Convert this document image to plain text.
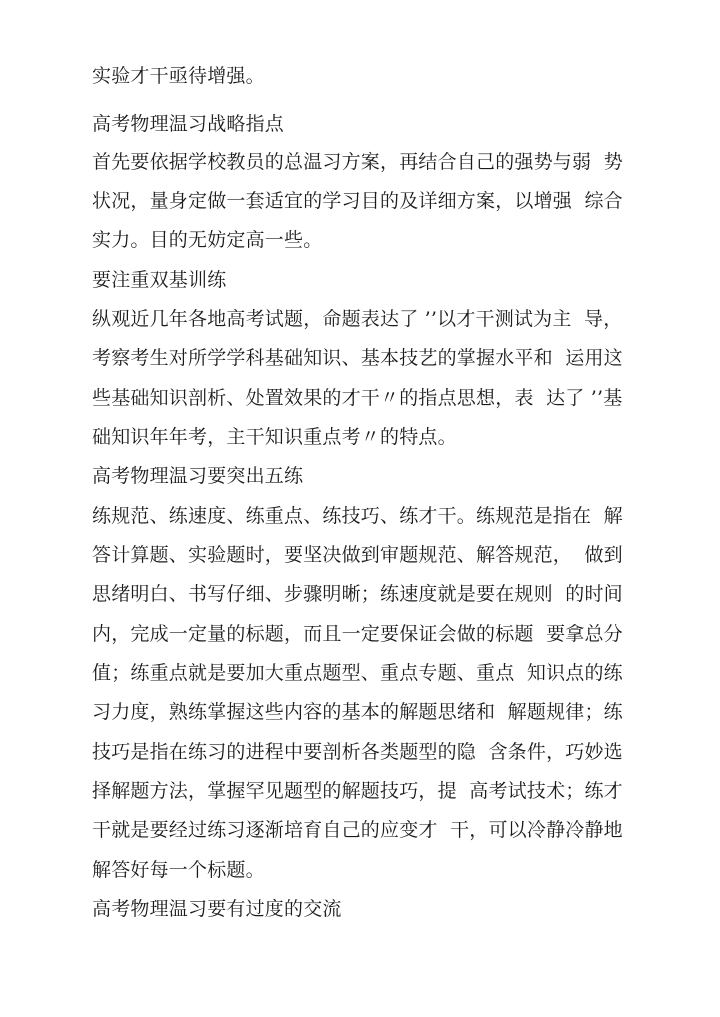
实验才干亟待增强。
高考物理温习战略指点
首先要依据学校教员的总温习方案，再结合自己的强势与弱  势
状况，量身定做一套适宜的学习目的及详细方案，以增强  综合
实力。目的无妨定高一些。
要注重双基训练
纵观近几年各地高考试题，命题表达了 ’’以才干测试为主  导，
考察考生对所学学科基础知识、基本技艺的掌握水平和  运用这
些基础知识剖析、处置效果的才干〃的指点思想，表  达了 ’’基
础知识年年考，主干知识重点考〃的特点。
高考物理温习要突出五练
练规范、练速度、练重点、练技巧、练才干。练规范是指在  解
答计算题、实验题时，要坚决做到审题规范、解答规范，  做到
思绪明白、书写仔细、步骤明晰；练速度就是要在规则  的时间
内，完成一定量的标题，而且一定要保证会做的标题  要拿总分
值；练重点就是要加大重点题型、重点专题、重点  知识点的练
习力度，熟练掌握这些内容的基本的解题思绪和  解题规律；练
技巧是指在练习的进程中要剖析各类题型的隐  含条件，巧妙选
择解题方法，掌握罕见题型的解题技巧，提  高考试技术；练才
干就是要经过练习逐渐培育自己的应变才  干，可以冷静冷静地
解答好每一个标题。
高考物理温习要有过度的交流
